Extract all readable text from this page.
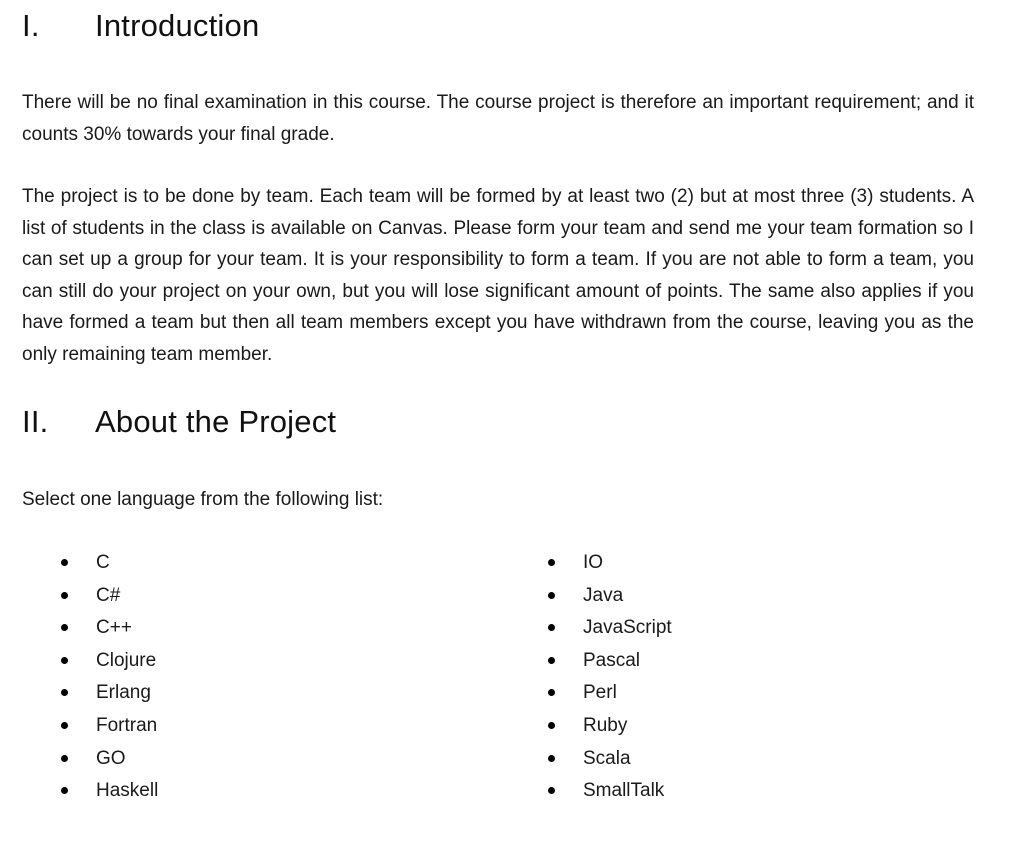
I. Introduction

There will be no final examination in this course. The course project is therefore an important requirement; and it counts 30% towards your final grade.

The project is to be done by team. Each team will be formed by at least two (2) but at most three (3) students. A list of students in the class is available on Canvas. Please form your team and send me your team formation so I can set up a group for your team. It is your responsibility to form a team. If you are not able to form a team, you can still do your project on your own, but you will lose significant amount of points. The same also applies if you have formed a team but then all team members except you have withdrawn from the course, leaving you as the only remaining team member.

II. About the Project

Select one language from the following list:

C
C#
C++
Clojure
Erlang
Fortran
GO
Haskell
IO
Java
JavaScript
Pascal
Perl
Ruby
Scala
SmallTalk
